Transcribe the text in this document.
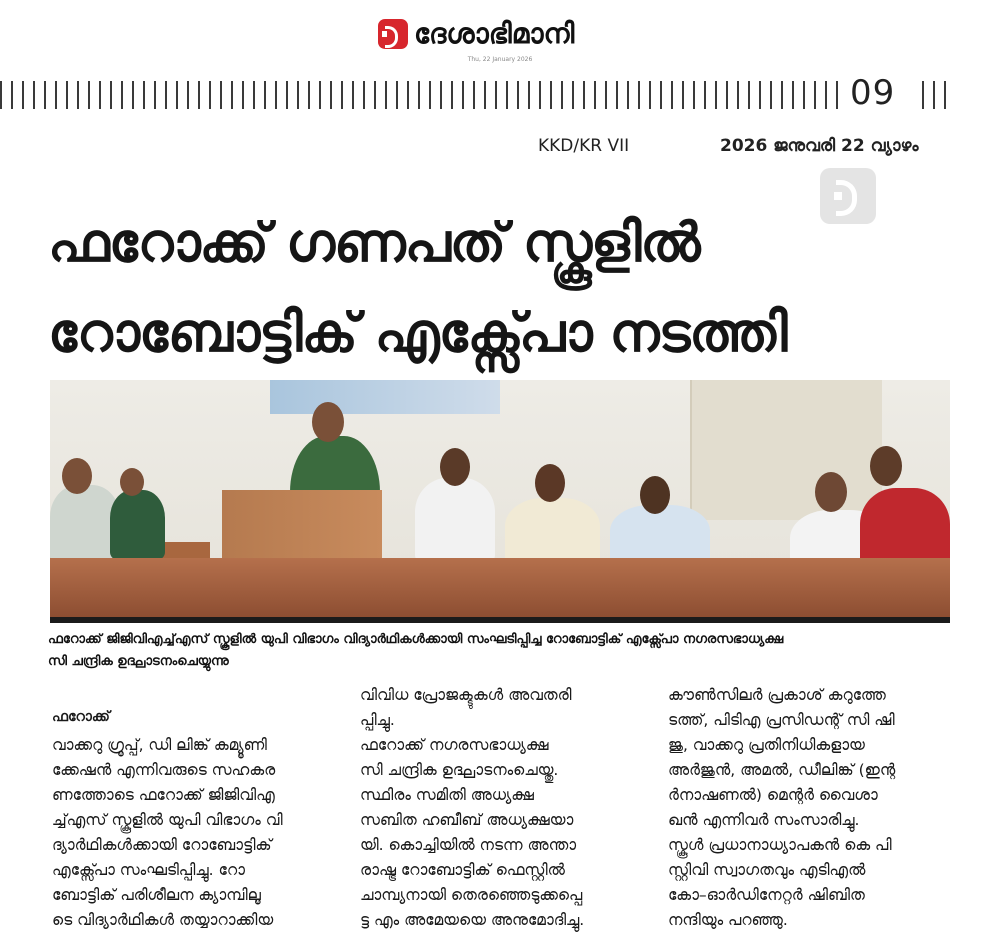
ദേശാഭിമാനി
Thu, 22 January 2026
09
KKD/KR VII	2026 ജനുവരി 22 വ്യാഴം
ഫറോക്ക് ഗണപത് സ്കൂളിൽ
റോബോട്ടിക് എക്സ്പോ നടത്തി
ഫറോക്ക് ജിജിവിഎച്ച്എസ് സ്കൂളിൽ യുപി വിഭാഗം വിദ്യാർഥികൾക്കായി സംഘടിപ്പിച്ച റോബോട്ടിക് എക്സ്പോ നഗരസഭാധ്യക്ഷ
സി ചന്ദ്രിക ഉദ്ഘാടനംചെയ്യുന്നു
ഫറോക്ക്
വാക്കറു ഗ്രൂപ്പ്, ഡി ലിങ്ക് കമ്യൂണി
ക്കേഷൻ എന്നിവരുടെ സഹകര
ണത്തോടെ ഫറോക്ക് ജിജിവിഎ
ച്ച്എസ് സ്കൂളിൽ യുപി വിഭാഗം വി
ദ്യാർഥികൾക്കായി റോബോട്ടിക്
എക്സ്പോ സംഘടിപ്പിച്ചു. റോ
ബോട്ടിക് പരിശീലന ക്യാമ്പിലൂ
ടെ വിദ്യാർഥികൾ തയ്യാറാക്കിയ
വിവിധ പ്രോജക്ടുകൾ അവതരി
പ്പിച്ചു.
ഫറോക്ക് നഗരസഭാധ്യക്ഷ
സി ചന്ദ്രിക ഉദ്ഘാടനംചെയ്തു.
സ്ഥിരം സമിതി അധ്യക്ഷ
സബിത ഹബീബ് അധ്യക്ഷയാ
യി. കൊച്ചിയിൽ നടന്ന അന്താ
രാഷ്ട്ര റോബോട്ടിക് ഫെസ്റ്റിൽ
ചാമ്പ്യനായി തെരഞ്ഞെടുക്കപ്പെ
ട്ട എം അമേയയെ അനുമോദിച്ചു.
കൗൺസിലർ പ്രകാശ് കറുത്തേ
ടത്ത്, പിടിഎ പ്രസിഡന്റ് സി ഷി
ജു, വാക്കറു പ്രതിനിധികളായ
അർജുൻ, അമൽ, ഡീലിങ്ക് (ഇന്റ
ർനാഷണൽ) മെന്റർ വൈശാ
ഖൻ എന്നിവർ സംസാരിച്ചു.
സ്കൂൾ പ്രധാനാധ്യാപകൻ കെ പി
സ്റ്റിവി സ്വാഗതവും എടിഎൽ
കോ–ഓർഡിനേറ്റർ ഷിബിത
നന്ദിയും പറഞ്ഞു.
